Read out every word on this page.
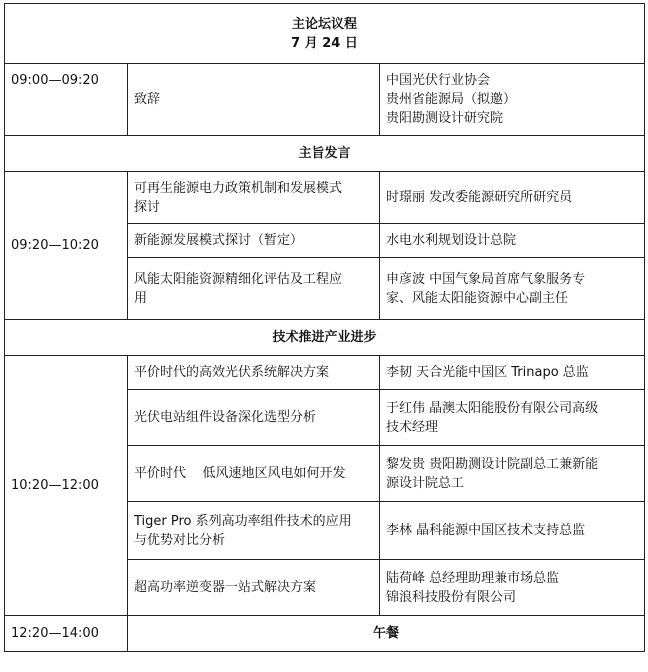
主论坛议程
7 月 24 日		

09:00—09:20	致辞	中国光伏行业协会
贵州省能源局（拟邀）
贵阳勘测设计研究院

主旨发言		
09:20—10:20	可再生能源电力政策机制和发展模式
探讨	时璟丽 发改委能源研究所研究员

	新能源发展模式探讨（暂定）	水电水利规划设计总院

	风能太阳能资源精细化评估及工程应
用	申彦波 中国气象局首席气象服务专
家、风能太阳能资源中心副主任

技术推进产业进步		
10:20—12:00	平价时代的高效光伏系统解决方案	李韧 天合光能中国区 Trinapo 总监

	光伏电站组件设备深化选型分析	于红伟 晶澳太阳能股份有限公司高级
技术经理

	平价时代    低风速地区风电如何开发	黎发贵 贵阳勘测设计院副总工兼新能
源设计院总工

	Tiger Pro 系列高功率组件技术的应用
与优势对比分析	李林 晶科能源中国区技术支持总监

	超高功率逆变器一站式解决方案	陆荷峰 总经理助理兼市场总监
锦浪科技股份有限公司

12:20—14:00	午餐	
